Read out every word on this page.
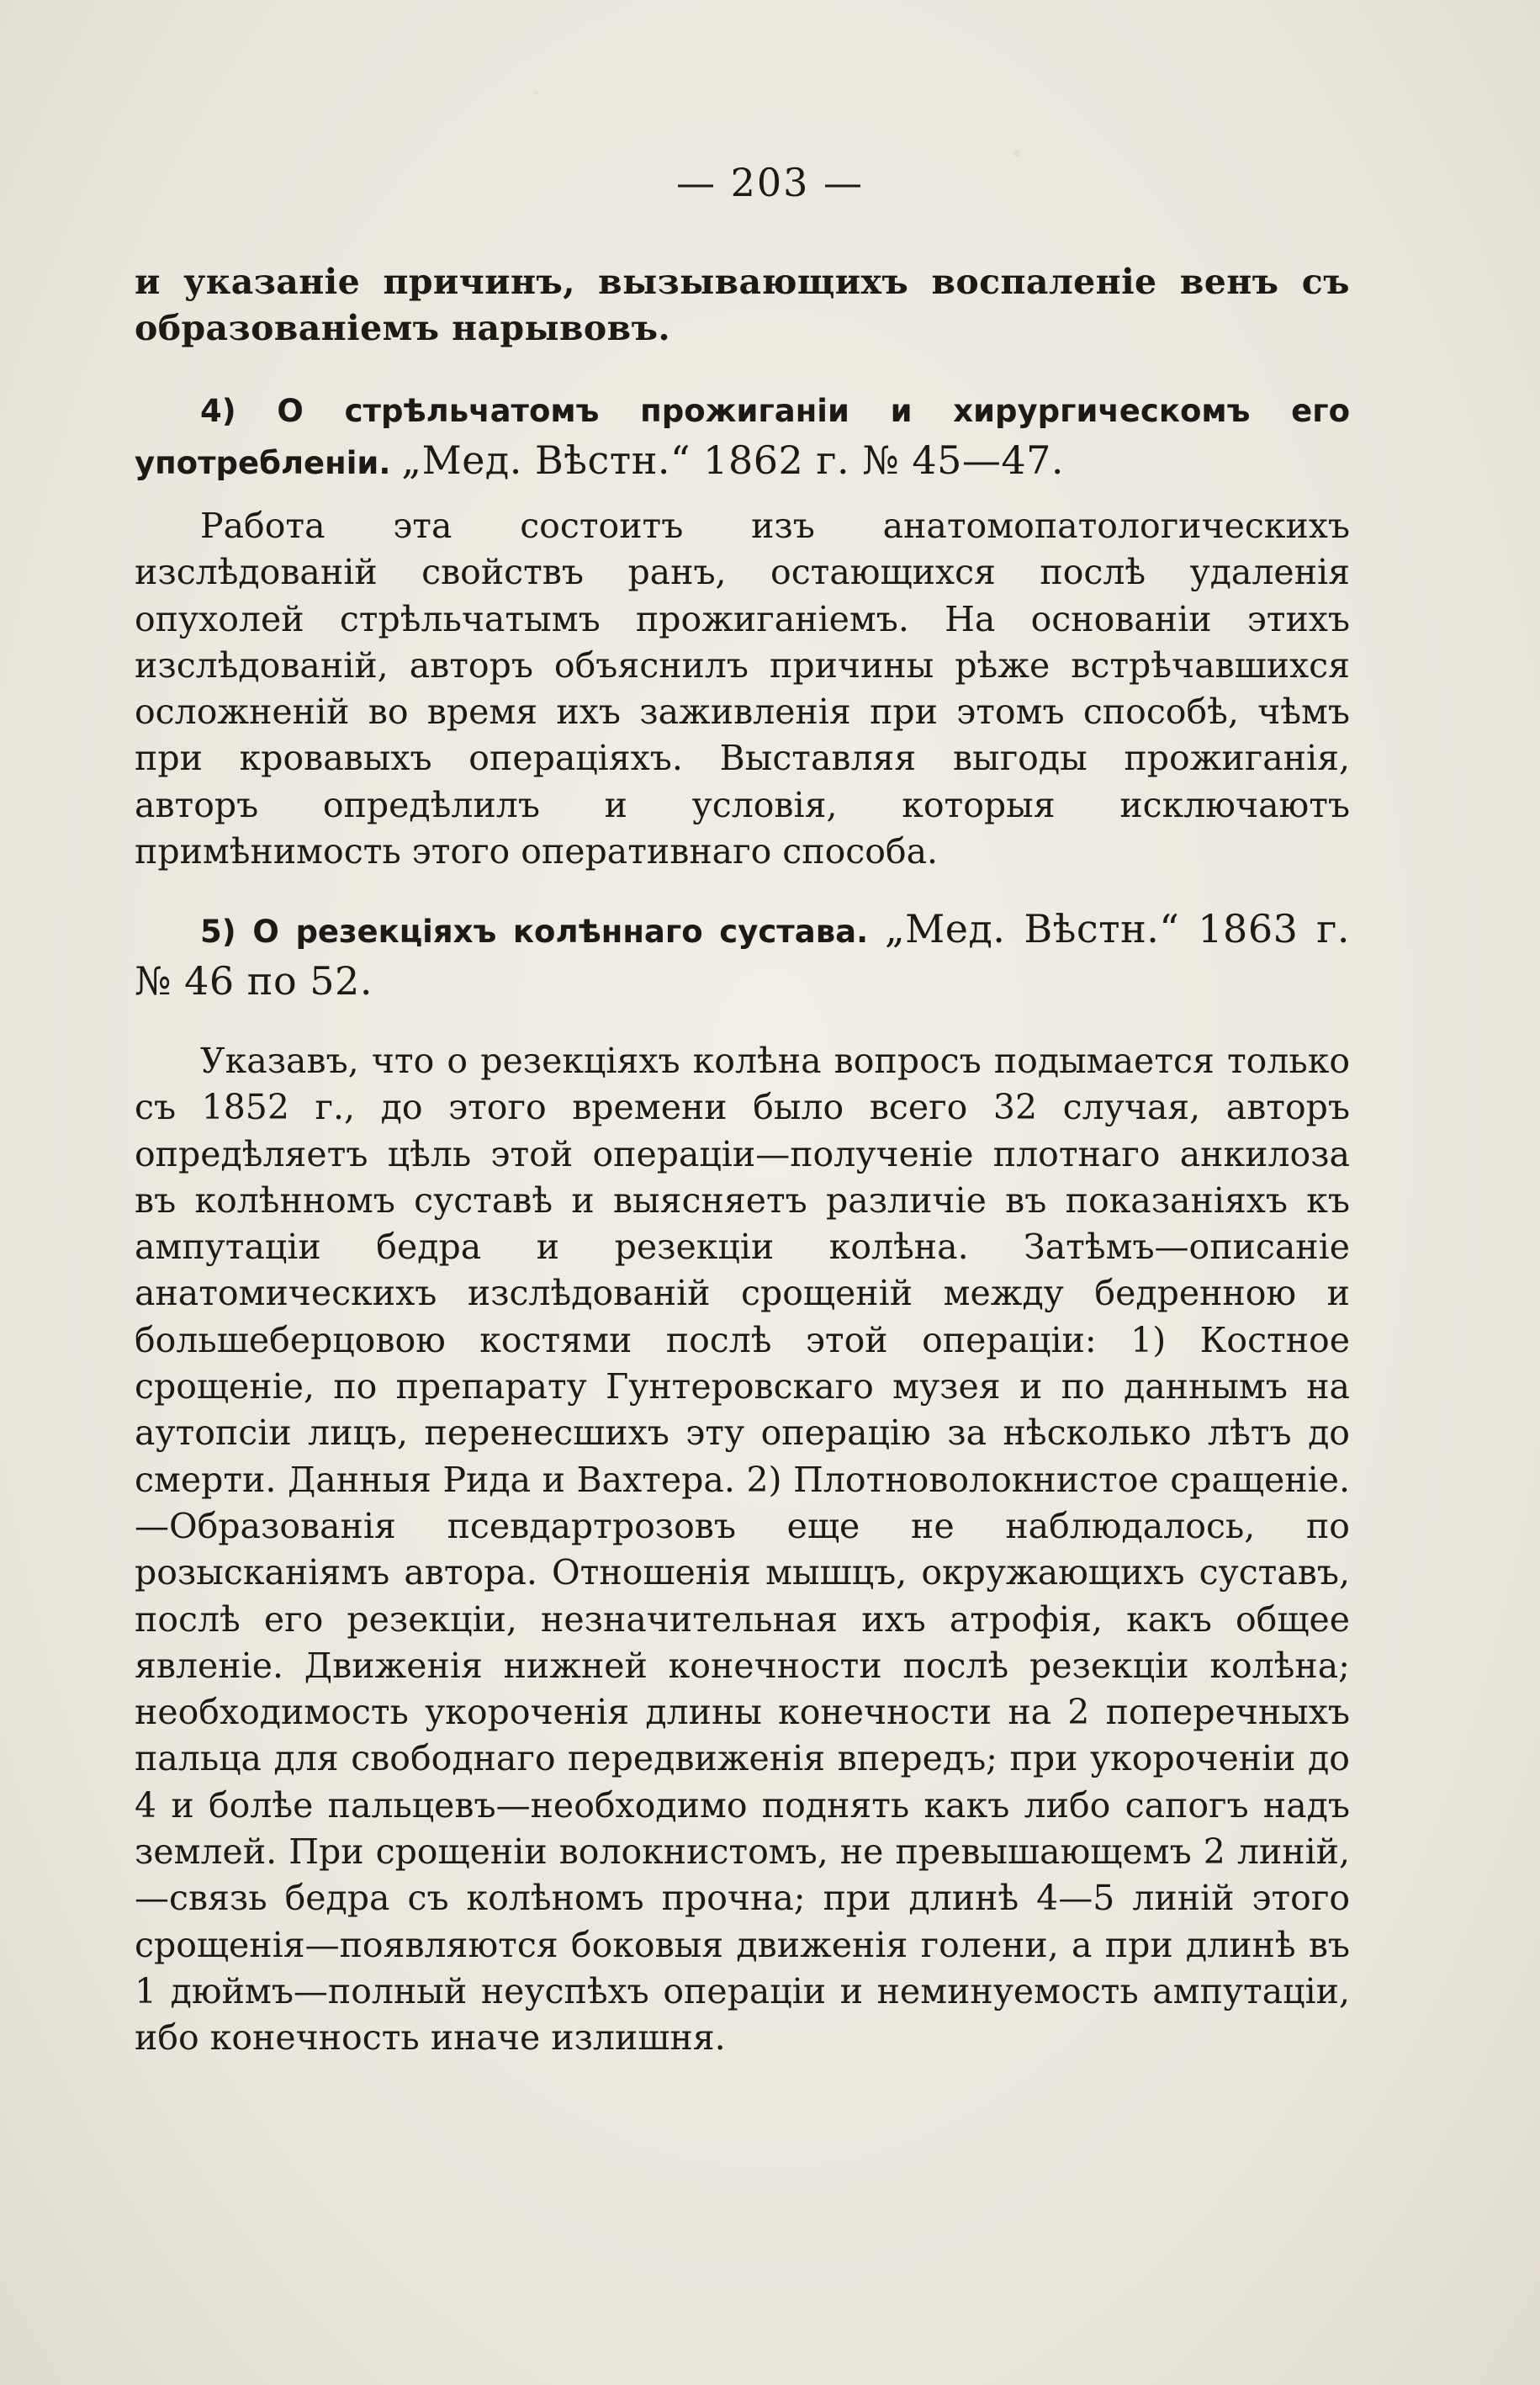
— 203 —
и указаніе причинъ, вызывающихъ воспаленіе венъ съ образованіемъ нарывовъ.
4) О стрѣльчатомъ прожиганіи и хирургическомъ его употребленіи. „Мед. Вѣстн.“ 1862 г. № 45—47.
Работа эта состоитъ изъ анатомопатологическихъ изслѣдованій свойствъ ранъ, остающихся послѣ удаленія опухолей стрѣльчатымъ прожиганіемъ. На основаніи этихъ изслѣдованій, авторъ объяснилъ причины рѣже встрѣчавшихся осложненій во время ихъ заживленія при этомъ способѣ, чѣмъ при кровавыхъ операціяхъ. Выставляя выгоды прожиганія, авторъ опредѣлилъ и условія, которыя исключаютъ примѣнимость этого оперативнаго способа.
5) О резекціяхъ колѣннаго сустава. „Мед. Вѣстн.“ 1863 г. № 46 по 52.
Указавъ, что о резекціяхъ колѣна вопросъ подымается только съ 1852 г., до этого времени было всего 32 случая, авторъ опредѣляетъ цѣль этой операціи—полученіе плотнаго анкилоза въ колѣнномъ суставѣ и выясняетъ различіе въ показаніяхъ къ ампутаціи бедра и резекціи колѣна. Затѣмъ—описаніе анатомическихъ изслѣдованій срощеній между бедренною и большеберцовою костями послѣ этой операціи: 1) Костное срощеніе, по препарату Гунтеровскаго музея и по даннымъ на аутопсіи лицъ, перенесшихъ эту операцію за нѣсколько лѣтъ до смерти. Данныя Рида и Вахтера. 2) Плотноволокнистое сращеніе.—Образованія псевдартрозовъ еще не наблюдалось, по розысканіямъ автора. Отношенія мышцъ, окружающихъ суставъ, послѣ его резекціи, незначительная ихъ атрофія, какъ общее явленіе. Движенія нижней конечности послѣ резекціи колѣна; необходимость укороченія длины конечности на 2 поперечныхъ пальца для свободнаго передвиженія впередъ; при укороченіи до 4 и болѣе пальцевъ—необходимо поднять какъ либо сапогъ надъ землей. При срощеніи волокнистомъ, не превышающемъ 2 линій,—связь бедра съ колѣномъ прочна; при длинѣ 4—5 линій этого срощенія—появляются боковыя движенія голени, а при длинѣ въ 1 дюймъ—полный неуспѣхъ операціи и неминуемость ампутаціи, ибо конечность иначе излишня.
